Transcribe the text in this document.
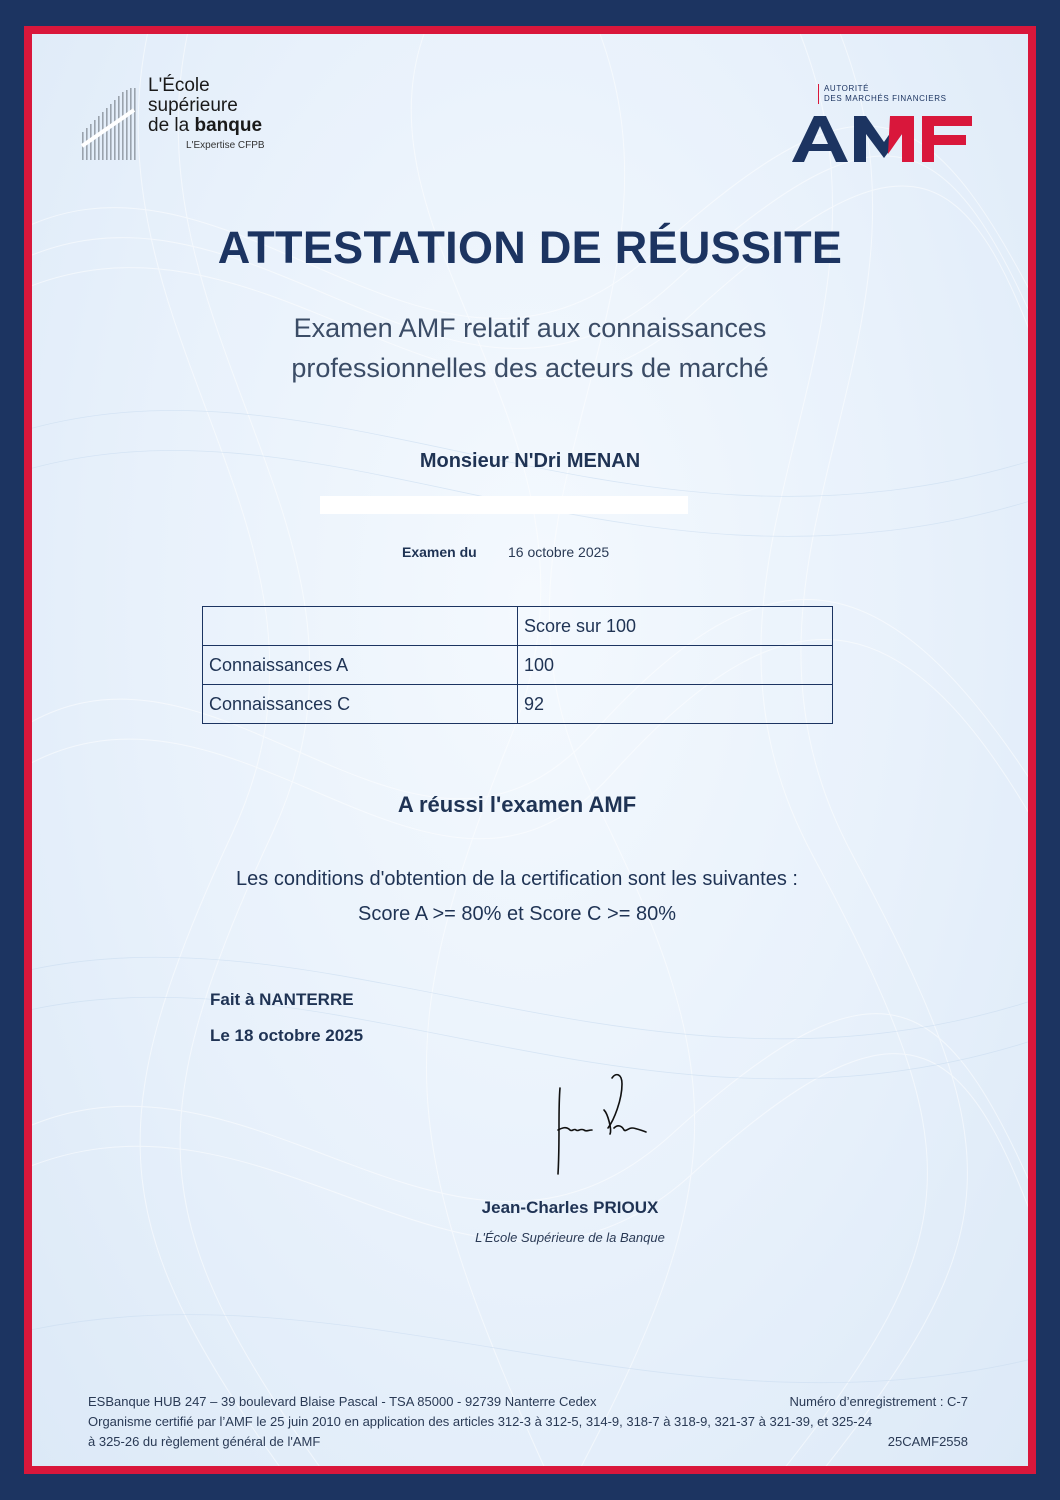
L'École
supérieure
de la banque
L'Expertise CFPB
AUTORITÉ
DES MARCHÉS FINANCIERS
ATTESTATION DE RÉUSSITE
Examen AMF relatif aux connaissances
professionnelles des acteurs de marché
Monsieur N'Dri MENAN
Examen du 16 octobre 2025
	Score sur 100
Connaissances A	100
Connaissances C	92
A réussi l'examen AMF
Les conditions d'obtention de la certification sont les suivantes :
Score A >= 80% et Score C >= 80%
Fait à NANTERRE
Le 18 octobre 2025
Jean-Charles PRIOUX
L'École Supérieure de la Banque
ESBanque HUB 247 – 39 boulevard Blaise Pascal - TSA 85000 - 92739 Nanterre Cedex	Numéro d’enregistrement : C-7
Organisme certifié par l’AMF le 25 juin 2010 en application des articles 312-3 à 312-5, 314-9, 318-7 à 318-9, 321-37 à 321-39, et 325-24
à 325-26 du règlement général de l'AMF	25CAMF2558
